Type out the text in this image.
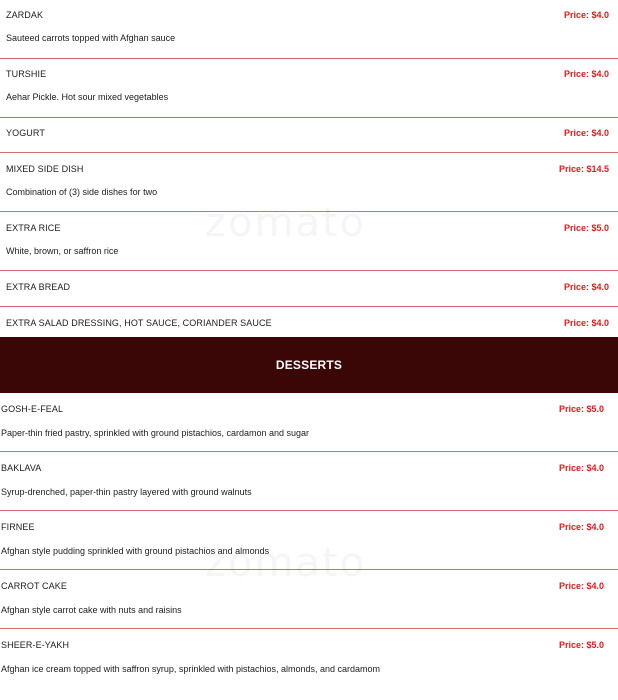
ZARDAK	Price: $4.0
Sauteed carrots topped with Afghan sauce
TURSHIE	Price: $4.0
Aehar Pickle. Hot sour mixed vegetables
YOGURT	Price: $4.0
MIXED SIDE DISH	Price: $14.5
Combination of (3) side dishes for two
EXTRA RICE	Price: $5.0
White, brown, or saffron rice
EXTRA BREAD	Price: $4.0
EXTRA SALAD DRESSING, HOT SAUCE, CORIANDER SAUCE	Price: $4.0
DESSERTS
GOSH-E-FEAL	Price: $5.0
Paper-thin fried pastry, sprinkled with ground pistachios, cardamon and sugar
BAKLAVA	Price: $4.0
Syrup-drenched, paper-thin pastry layered with ground walnuts
FIRNEE	Price: $4.0
Afghan style pudding sprinkled with ground pistachios and almonds
CARROT CAKE	Price: $4.0
Afghan style carrot cake with nuts and raisins
SHEER-E-YAKH	Price: $5.0
Afghan ice cream topped with saffron syrup, sprinkled with pistachios, almonds, and cardamom
